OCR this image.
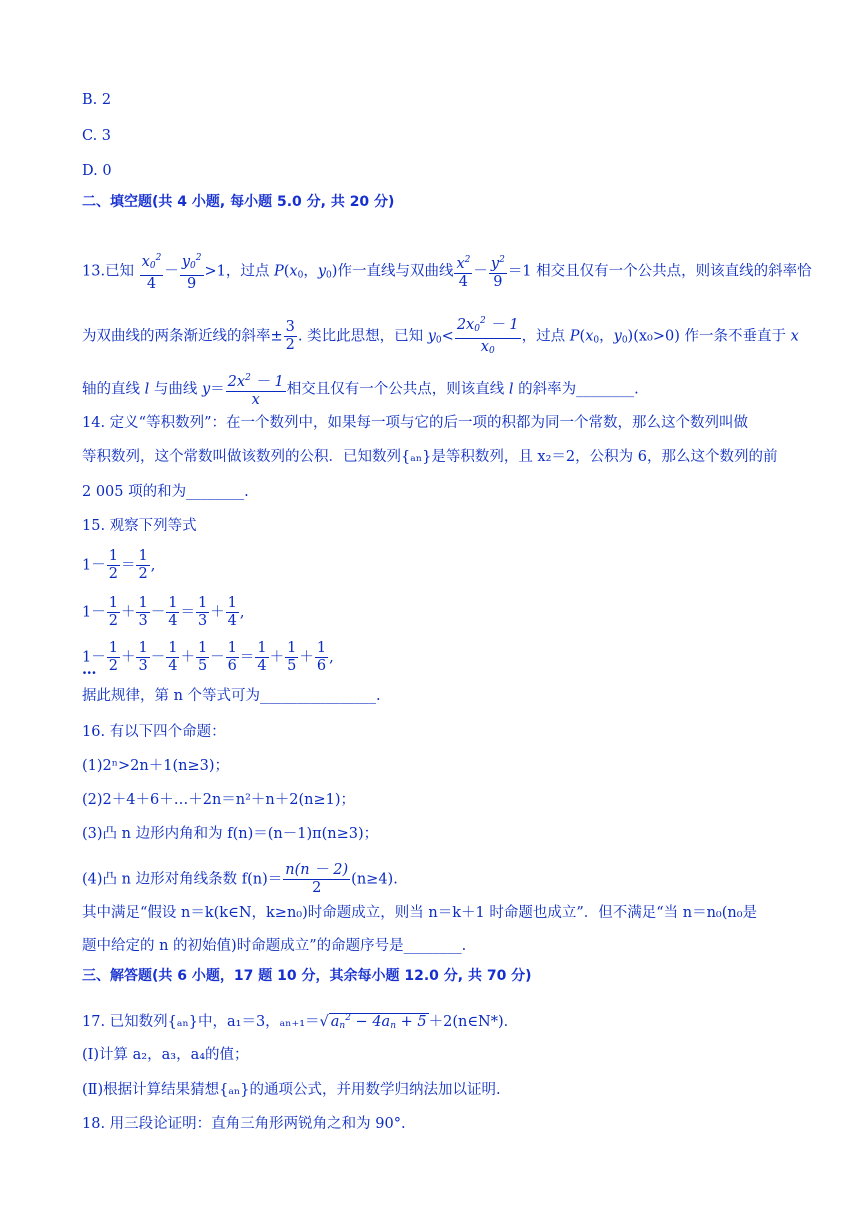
B. 2
C. 3
D. 0
二、填空题(共 4 小题, 每小题 5.0 分, 共 20 分)
13.已知 $\frac{x_0^2}{4} - \frac{y_0^2}{9} >1$，过点 $P(x_0$，$y_0$)作一直线与双曲线 $\frac{x^2}{4} - \frac{y^2}{9} =1$ 相交且仅有一个公共点，则该直线的斜率恰
为双曲线的两条渐近线的斜率± $\frac{3}{2}$ . 类比此思想，已知 $y_0< \frac{2x_0^2 - 1}{x_0}$ ，过点 $P(x_0$，$y_0)(x_0>0)$ 作一条不垂直于 x
轴的直线 l 与曲线 $y= \frac{2x^2 - 1}{x}$ 相交且仅有一个公共点，则该直线 l 的斜率为________.
14. 定义“等积数列”：在一个数列中，如果每一项与它的后一项的积都为同一个常数，那么这个数列叫做
等积数列，这个常数叫做该数列的公积．已知数列{ₐₙ}是等积数列，且 x₂＝2，公积为 6，那么这个数列的前
2 005 项的和为________.
15. 观察下列等式
$1- \frac{1}{2} = \frac{1}{2}$ ,
$1- \frac{1}{2} + \frac{1}{3} - \frac{1}{4} = \frac{1}{3} + \frac{1}{4}$ ,
$1- \frac{1}{2} + \frac{1}{3} - \frac{1}{4} + \frac{1}{5} - \frac{1}{6} = \frac{1}{4} + \frac{1}{5} + \frac{1}{6}$ ,
…
据此规律，第 n 个等式可为________________.
16. 有以下四个命题：
(1)2ⁿ>2n＋1(n≥3)；
(2)2＋4＋6＋…＋2n＝n²＋n＋2(n≥1)；
(3)凸 n 边形内角和为 f(n)＝(n－1)π(n≥3)；
(4)凸 n 边形对角线条数 $f(n)= \frac{n(n - 2)}{2} (n\ge 4)$.
其中满足“假设 n＝k(k∈N，k≥n₀)时命题成立，则当 n＝k＋1 时命题也成立”．但不满足“当 n＝n₀(n₀是
题中给定的 n 的初始值)时命题成立”的命题序号是________.
三、解答题(共 6 小题，17 题 10 分，其余每小题 12.0 分, 共 70 分)
17. 已知数列{ₐₙ}中，a₁＝3，ₐₙ₊₁＝√ $a_n^2 - 4a_n + 5$ ＋2(n∈N*)．
(Ⅰ)计算 a₂，a₃，a₄的值；
(Ⅱ)根据计算结果猜想{ₐₙ}的通项公式，并用数学归纳法加以证明.
18. 用三段论证明：直角三角形两锐角之和为 90°.
